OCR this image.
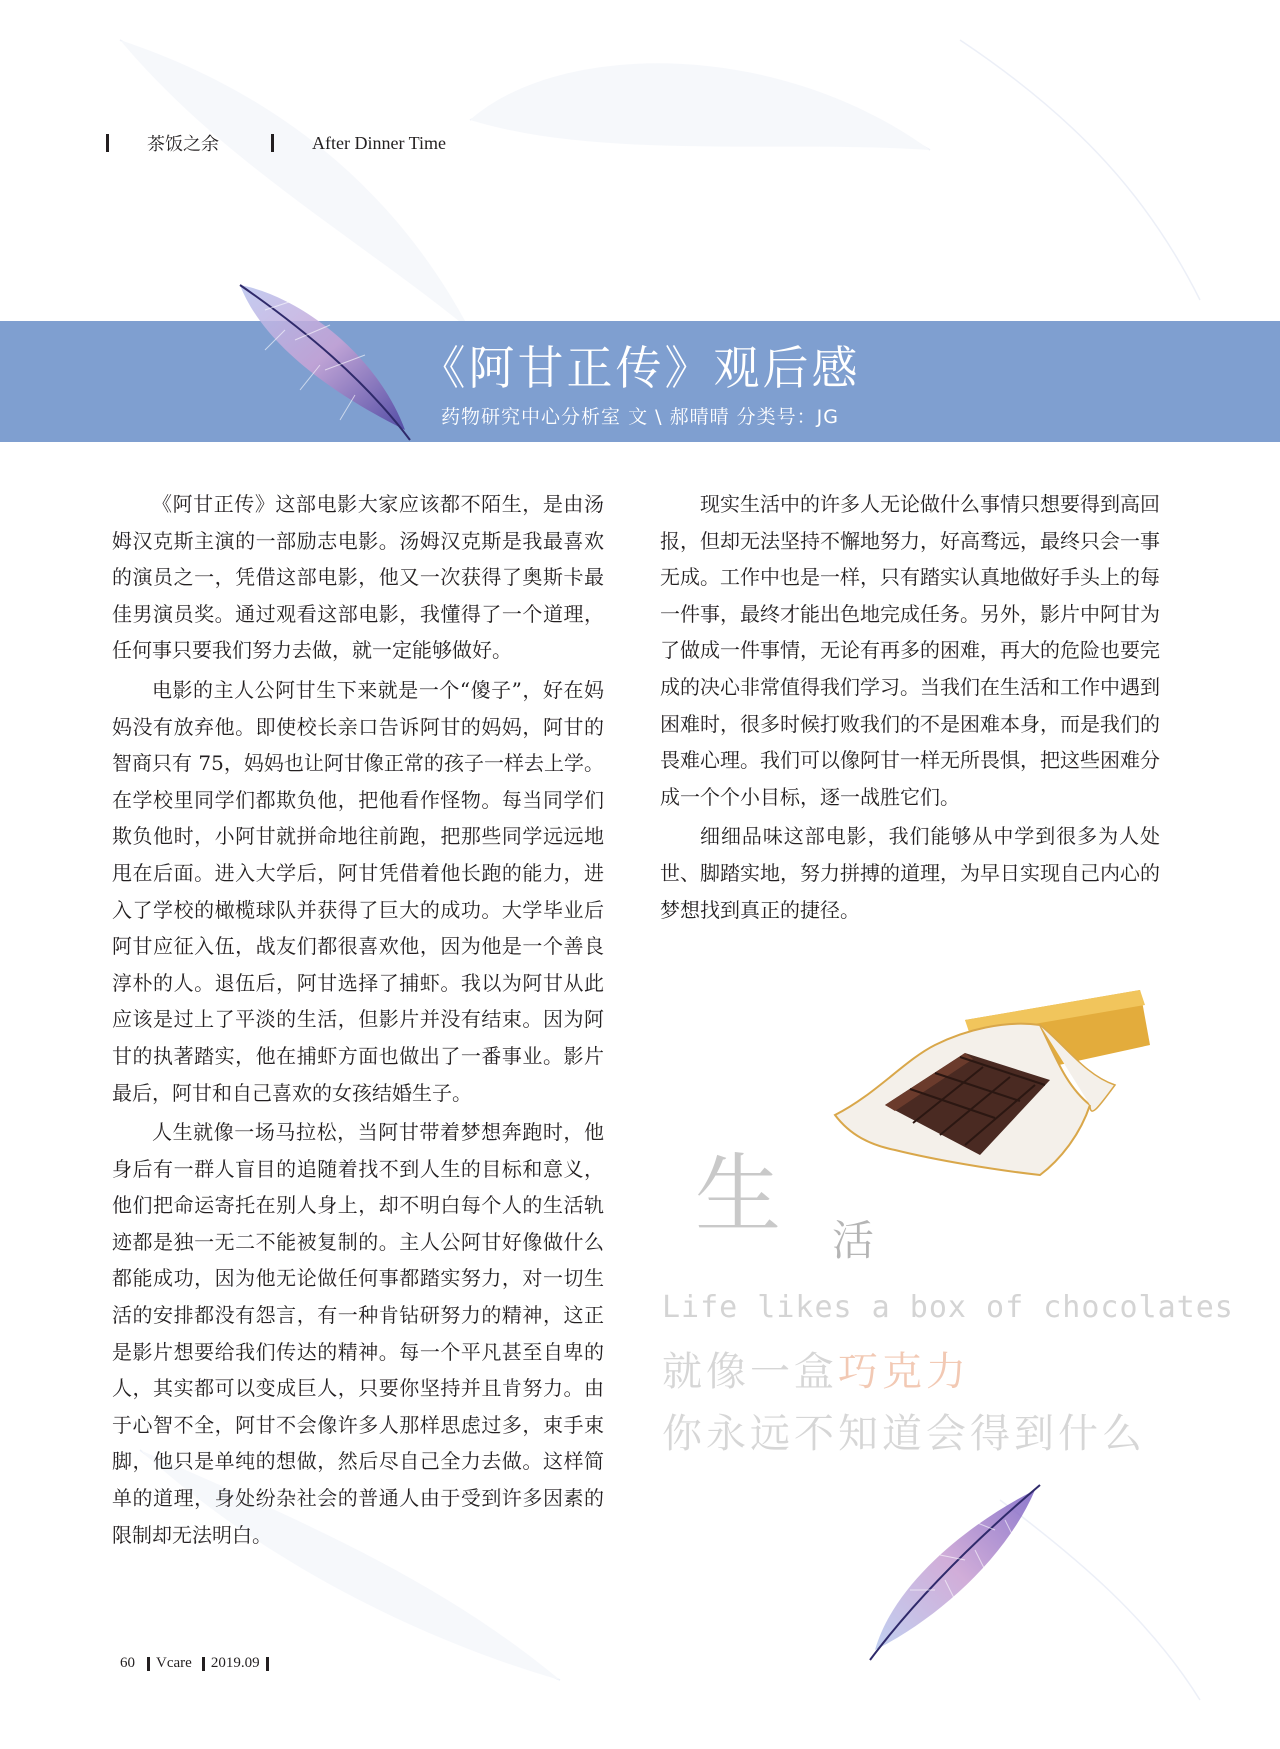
茶饭之余	After Dinner Time
《阿甘正传》观后感
药物研究中心分析室 文 \ 郝晴晴 分类号：JG

《阿甘正传》这部电影大家应该都不陌生，是由汤姆汉克斯主演的一部励志电影。汤姆汉克斯是我最喜欢的演员之一，凭借这部电影，他又一次获得了奥斯卡最佳男演员奖。通过观看这部电影，我懂得了一个道理，任何事只要我们努力去做，就一定能够做好。

电影的主人公阿甘生下来就是一个“傻子”，好在妈妈没有放弃他。即使校长亲口告诉阿甘的妈妈，阿甘的智商只有 75，妈妈也让阿甘像正常的孩子一样去上学。在学校里同学们都欺负他，把他看作怪物。每当同学们欺负他时，小阿甘就拼命地往前跑，把那些同学远远地甩在后面。进入大学后，阿甘凭借着他长跑的能力，进入了学校的橄榄球队并获得了巨大的成功。大学毕业后阿甘应征入伍，战友们都很喜欢他，因为他是一个善良淳朴的人。退伍后，阿甘选择了捕虾。我以为阿甘从此应该是过上了平淡的生活，但影片并没有结束。因为阿甘的执著踏实，他在捕虾方面也做出了一番事业。影片最后，阿甘和自己喜欢的女孩结婚生子。

人生就像一场马拉松，当阿甘带着梦想奔跑时，他身后有一群人盲目的追随着找不到人生的目标和意义，他们把命运寄托在别人身上，却不明白每个人的生活轨迹都是独一无二不能被复制的。主人公阿甘好像做什么都能成功，因为他无论做任何事都踏实努力，对一切生活的安排都没有怨言，有一种肯钻研努力的精神，这正是影片想要给我们传达的精神。每一个平凡甚至自卑的人，其实都可以变成巨人，只要你坚持并且肯努力。由于心智不全，阿甘不会像许多人那样思虑过多，束手束脚，他只是单纯的想做，然后尽自己全力去做。这样简单的道理，身处纷杂社会的普通人由于受到许多因素的限制却无法明白。

现实生活中的许多人无论做什么事情只想要得到高回报，但却无法坚持不懈地努力，好高骛远，最终只会一事无成。工作中也是一样，只有踏实认真地做好手头上的每一件事，最终才能出色地完成任务。另外，影片中阿甘为了做成一件事情，无论有再多的困难，再大的危险也要完成的决心非常值得我们学习。当我们在生活和工作中遇到困难时，很多时候打败我们的不是困难本身，而是我们的畏难心理。我们可以像阿甘一样无所畏惧，把这些困难分成一个个小目标，逐一战胜它们。

细细品味这部电影，我们能够从中学到很多为人处世、脚踏实地，努力拼搏的道理，为早日实现自己内心的梦想找到真正的捷径。

生 活
Life likes a box of chocolates
就像一盒巧克力
你永远不知道会得到什么
60 Vcare 2019.09
